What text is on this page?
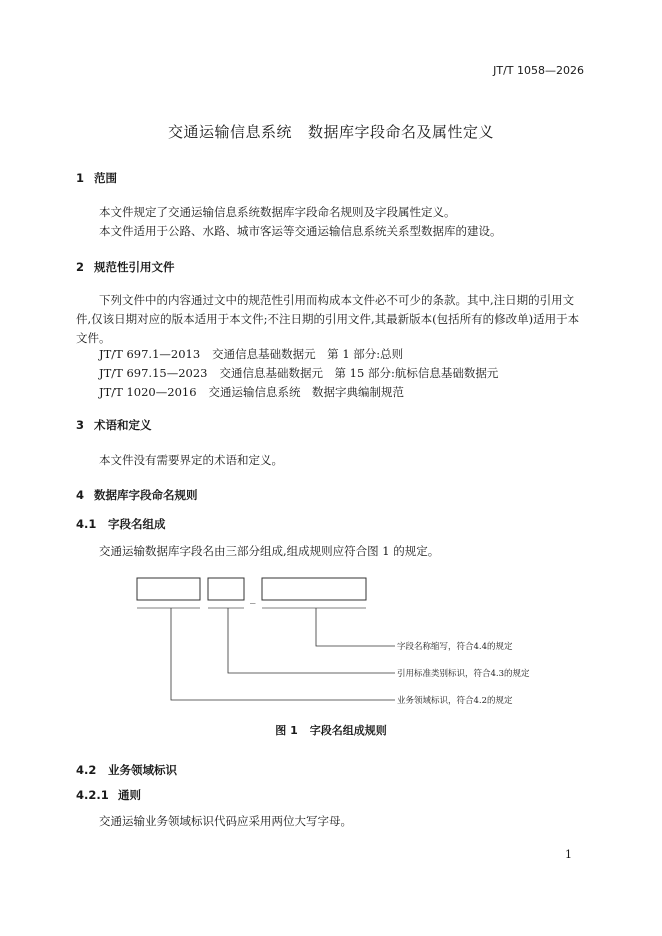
JT/T 1058—2026
交通运输信息系统 数据库字段命名及属性定义
1 范围

本文件规定了交通运输信息系统数据库字段命名规则及字段属性定义。

本文件适用于公路、水路、城市客运等交通运输信息系统关系型数据库的建设。

2 规范性引用文件

下列文件中的内容通过文中的规范性引用而构成本文件必不可少的条款。其中,注日期的引用文件,仅该日期对应的版本适用于本文件;不注日期的引用文件,其最新版本(包括所有的修改单)适用于本文件。

JT/T 697.1—2013 交通信息基础数据元　第 1 部分:总则
JT/T 697.15—2023 交通信息基础数据元　第 15 部分:航标信息基础数据元
JT/T 1020—2016 交通运输信息系统　数据字典编制规范
3 术语和定义

本文件没有需要界定的术语和定义。

4 数据库字段命名规则
4.1 字段名组成

交通运输数据库字段名由三部分组成,组成规则应符合图 1 的规定。

_
字段名称缩写，符合4.4的规定
引用标准类别标识，符合4.3的规定
业务领域标识，符合4.2的规定
图 1 字段名组成规则
4.2 业务领域标识
4.2.1 通则

交通运输业务领域标识代码应采用两位大写字母。

1
